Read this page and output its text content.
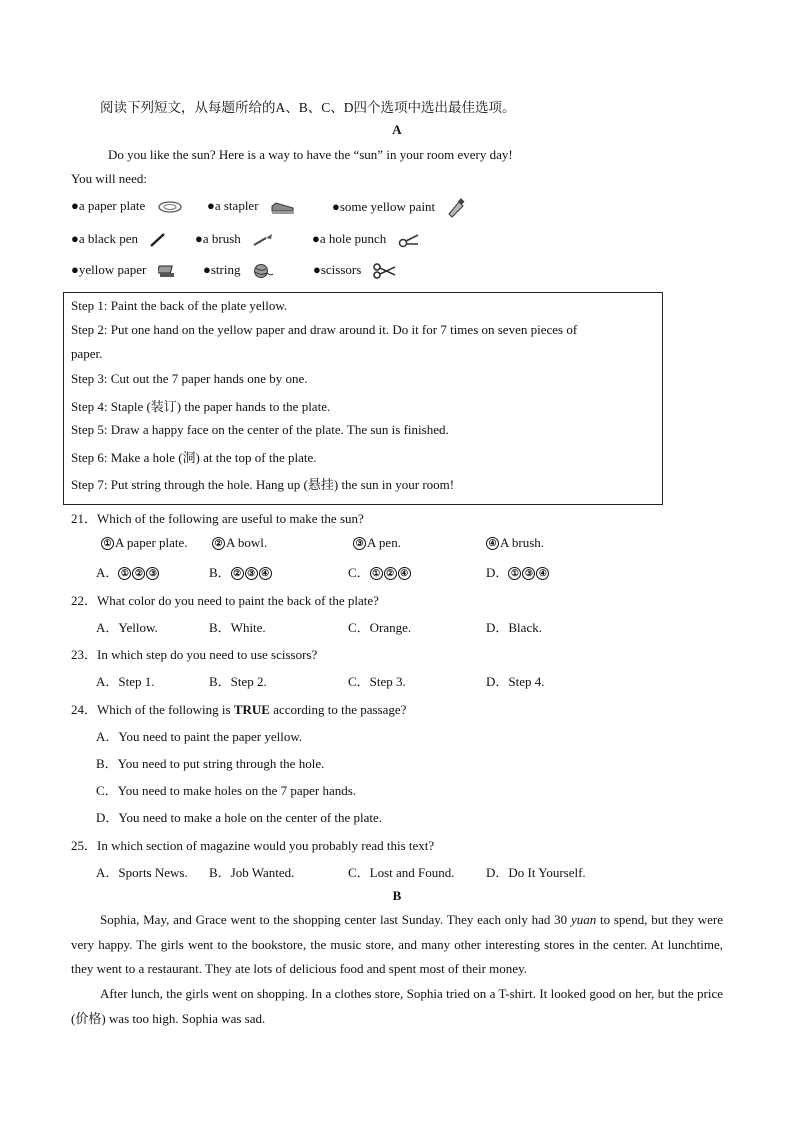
阅读下列短文，从每题所给的A、B、C、D四个选项中选出最佳选项。
A
Do you like the sun? Here is a way to have the “sun” in your room every day!
You will need:
●a paper plate	●a stapler	●some yellow paint
●a black pen	●a brush	●a hole punch
●yellow paper	●string	●scissors
Step 1: Paint the back of the plate yellow.
Step 2: Put one hand on the yellow paper and draw around it. Do it for 7 times on seven pieces of
paper.
Step 3: Cut out the 7 paper hands one by one.
Step 4: Staple (装订) the paper hands to the plate.
Step 5: Draw a happy face on the center of the plate. The sun is finished.
Step 6: Make a hole (洞) at the top of the plate.
Step 7: Put string through the hole. Hang up (悬挂) the sun in your room!
21．Which of the following are useful to make the sun?
① A paper plate.	② A bowl.	③ A pen.	④ A brush.
A． ① ② ③	B． ② ③ ④	C． ① ② ④	D． ① ③ ④
22．What color do you need to paint the back of the plate?
A．Yellow.	B．White.	C．Orange.	D．Black.
23．In which step do you need to use scissors?
A．Step 1.	B．Step 2.	C．Step 3.	D．Step 4.
24．Which of the following is TRUE according to the passage?
A．You need to paint the paper yellow.
B．You need to put string through the hole.
C．You need to make holes on the 7 paper hands.
D．You need to make a hole on the center of the plate.
25．In which section of magazine would you probably read this text?
A．Sports News. B．Job Wanted.	C．Lost and Found. D．Do It Yourself.
B
Sophia, May, and Grace went to the shopping center last Sunday. They each only had 30 yuan to spend, but they were very happy. The girls went to the bookstore, the music store, and many other interesting stores in the center. At lunchtime, they went to a restaurant. They ate lots of delicious food and spent most of their money.
After lunch, the girls went on shopping. In a clothes store, Sophia tried on a T-shirt. It looked good on her, but the price (价格) was too high. Sophia was sad.
